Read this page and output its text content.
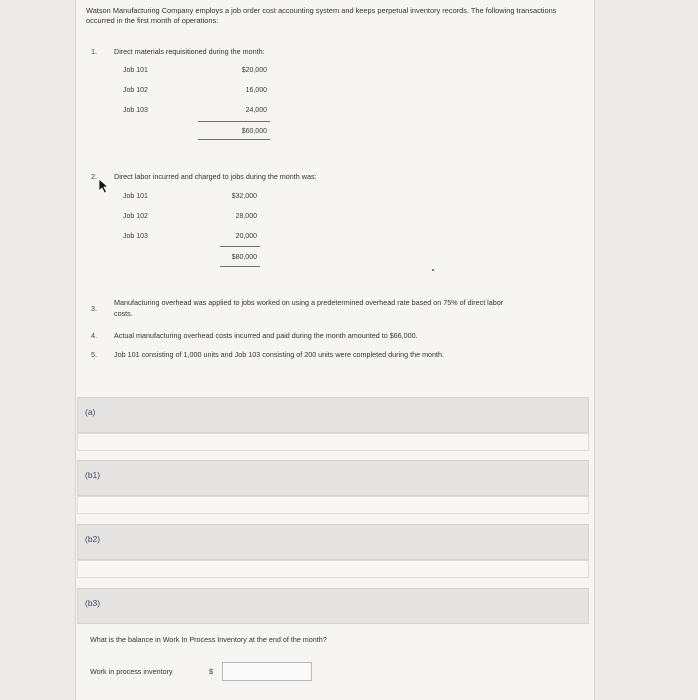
Watson Manufacturing Company employs a job order cost accounting system and keeps perpetual inventory records. The following transactions occurred in the first month of operations:
1. Direct materials requisitioned during the month:
Job 101	$20,000
Job 102	16,000
Job 103	24,000
$60,000
2. Direct labor incurred and charged to jobs during the month was:
Job 101	$32,000
Job 102	28,000
Job 103	20,000
$80,000
3.
Manufacturing overhead was applied to jobs worked on using a predetermined overhead rate based on 75% of direct labor
costs.
4. Actual manufacturing overhead costs incurred and paid during the month amounted to $66,000.
5. Job 101 consisting of 1,000 units and Job 103 consisting of 200 units were completed during the month.
(a)
(b1)
(b2)
(b3)
What is the balance in Work In Process Inventory at the end of the month?
Work in process inventory	$
